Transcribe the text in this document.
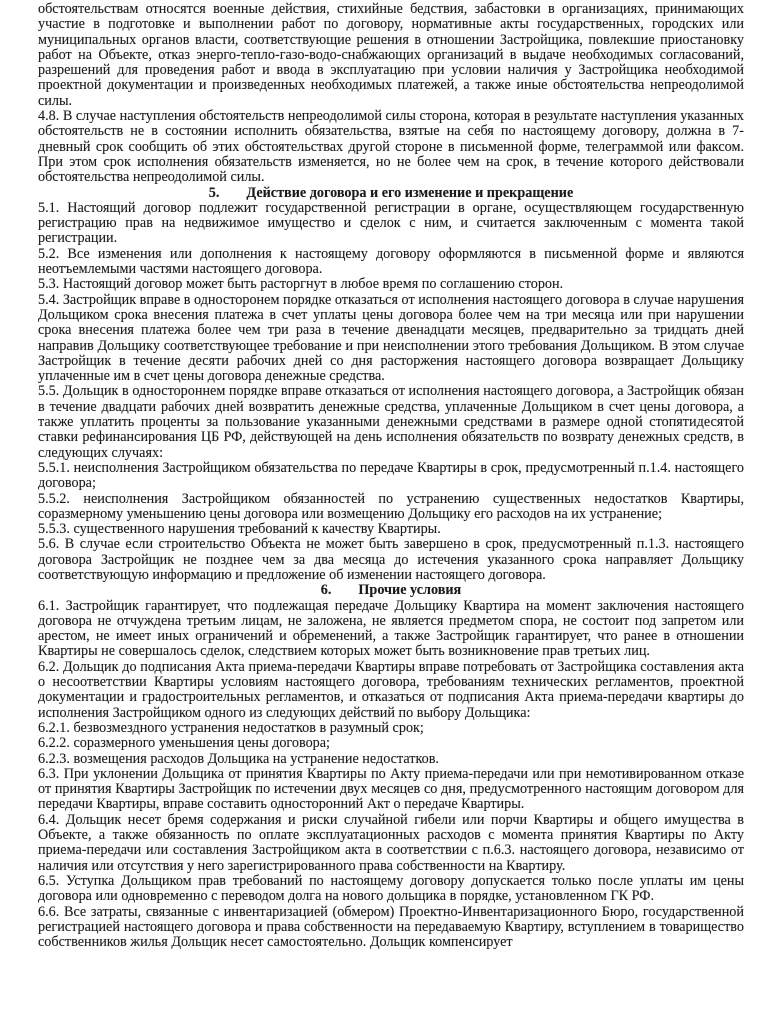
обстоятельствам относятся военные действия, стихийные бедствия, забастовки в организациях, принимающих участие в подготовке и выполнении работ по договору, нормативные акты государственных, городских или муниципальных органов власти, соответствующие решения в отношении Застройщика, повлекшие приостановку работ на Объекте, отказ энерго-тепло-газо-водо-снабжающих организаций в выдаче необходимых согласований, разрешений для проведения работ и ввода в эксплуатацию при условии наличия у Застройщика необходимой проектной документации и произведенных необходимых платежей, а также иные обстоятельства непреодолимой силы.

4.8. В случае наступления обстоятельств непреодолимой силы сторона, которая в результате наступления указанных обстоятельств не в состоянии исполнить обязательства, взятые на себя по настоящему договору, должна в 7-дневный срок сообщить об этих обстоятельствах другой стороне в письменной форме, телеграммой или факсом. При этом срок исполнения обязательств изменяется, но не более чем на срок, в течение которого действовали обстоятельства непреодолимой силы.

5. Действие договора и его изменение и прекращение

5.1. Настоящий договор подлежит государственной регистрации в органе, осуществляющем государственную регистрацию прав на недвижимое имущество и сделок с ним, и считается заключенным с момента такой регистрации.

5.2. Все изменения или дополнения к настоящему договору оформляются в письменной форме и являются неотъемлемыми частями настоящего договора.

5.3. Настоящий договор может быть расторгнут в любое время по соглашению сторон.

5.4. Застройщик вправе в односторонем порядке отказаться от исполнения настоящего договора в случае нарушения Дольщиком срока внесения платежа в счет уплаты цены договора более чем на три месяца или при нарушении срока внесения платежа более чем три раза в течение двенадцати месяцев, предварительно за тридцать дней направив Дольщику соответствующее требование и при неисполнении этого требования Дольщиком. В этом случае Застройщик в течение десяти рабочих дней со дня расторжения настоящего договора возвращает Дольщику уплаченные им в счет цены договора денежные средства.

5.5. Дольщик в одностороннем порядке вправе отказаться от исполнения настоящего договора, а Застройщик обязан в течение двадцати рабочих дней возвратить денежные средства, уплаченные Дольщиком в счет цены договора, а также уплатить проценты за пользование указанными денежными средствами в размере одной стопятидесятой ставки рефинансирования ЦБ РФ, действующей на день исполнения обязательств по возврату денежных средств, в следующих случаях:

5.5.1. неисполнения Застройщиком обязательства по передаче Квартиры в срок, предусмотренный п.1.4. настоящего договора;

5.5.2. неисполнения Застройщиком обязанностей по устранению существенных недостатков Квартиры, соразмерному уменьшению цены договора или возмещению Дольщику его расходов на их устранение;

5.5.3. существенного нарушения требований к качеству Квартиры.

5.6. В случае если строительство Объекта не может быть завершено в срок, предусмотренный п.1.3. настоящего договора Застройщик не позднее чем за два месяца до истечения указанного срока направляет Дольщику соответствующую информацию и предложение об изменении настоящего договора.

6. Прочие условия

6.1. Застройщик гарантирует, что подлежащая передаче Дольщику Квартира на момент заключения настоящего договора не отчуждена третьим лицам, не заложена, не является предметом спора, не состоит под запретом или арестом, не имеет иных ограничений и обременений, а также Застройщик гарантирует, что ранее в отношении Квартиры не совершалось сделок, следствием которых может быть возникновение прав третьих лиц.

6.2. Дольщик до подписания Акта приема-передачи Квартиры вправе потребовать от Застройщика составления акта о несоответствии Квартиры условиям настоящего договора, требованиям технических регламентов, проектной документации и градостроительных регламентов, и отказаться от подписания Акта приема-передачи квартиры до исполнения Застройщиком одного из следующих действий по выбору Дольщика:

6.2.1. безвозмездного устранения недостатков в разумный срок;

6.2.2. соразмерного уменьшения цены договора;

6.2.3. возмещения расходов Дольщика на устранение недостатков.

6.3. При уклонении Дольщика от принятия Квартиры по Акту приема-передачи или при немотивированном отказе от принятия Квартиры Застройщик по истечении двух месяцев со дня, предусмотренного настоящим договором для передачи Квартиры, вправе составить односторонний Акт о передаче Квартиры.

6.4. Дольщик несет бремя содержания и риски случайной гибели или порчи Квартиры и общего имущества в Объекте, а также обязанность по оплате эксплуатационных расходов с момента принятия Квартиры по Акту приема-передачи или составления Застройщиком акта в соответствии с п.6.3. настоящего договора, независимо от наличия или отсутствия у него зарегистрированного права собственности на Квартиру.

6.5. Уступка Дольщиком прав требований по настоящему договору допускается только после уплаты им цены договора или одновременно с переводом долга на нового дольщика в порядке, установленном ГК РФ.

6.6. Все затраты, связанные с инвентаризацией (обмером) Проектно-Инвентаризационного Бюро, государственной регистрацией настоящего договора и права собственности на передаваемую Квартиру, вступлением в товарищество собственников жилья Дольщик несет самостоятельно. Дольщик компенсирует
